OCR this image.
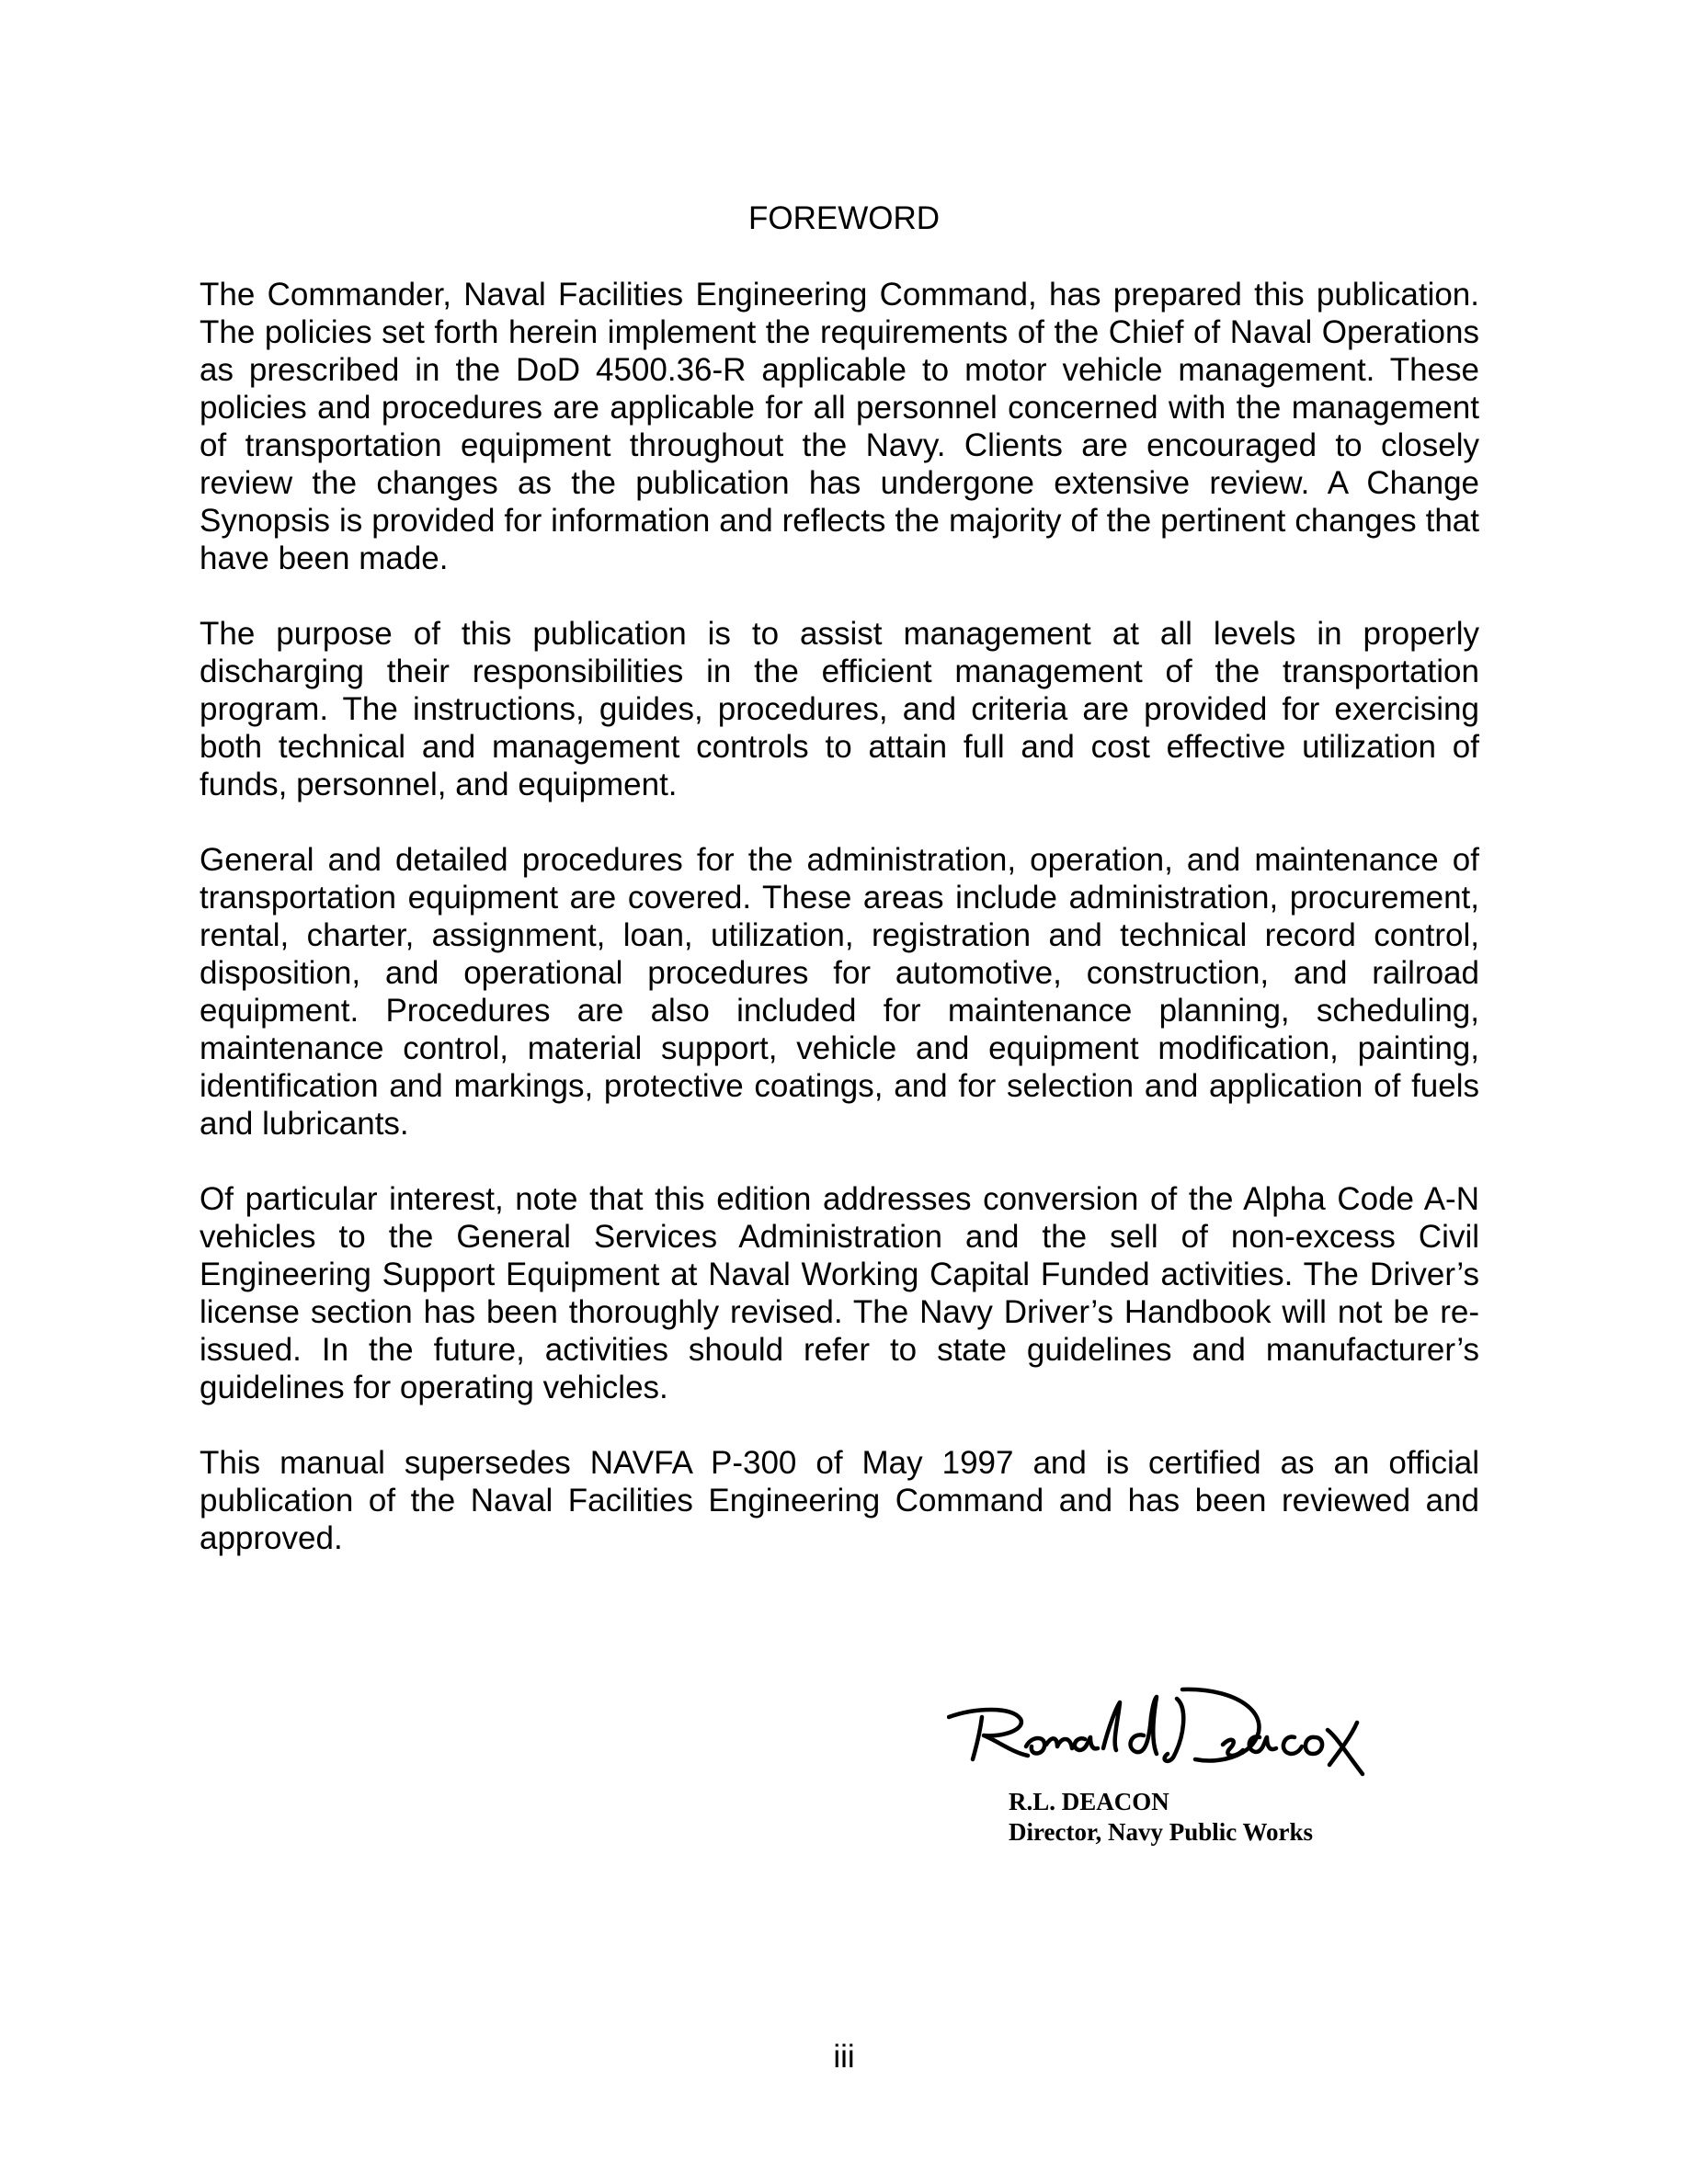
FOREWORD

The Commander, Naval Facilities Engineering Command, has prepared this publication. The policies set forth herein implement the requirements of the Chief of Naval Operations as prescribed in the DoD 4500.36-R applicable to motor vehicle management. These policies and procedures are applicable for all personnel concerned with the management of transportation equipment throughout the Navy. Clients are encouraged to closely review the changes as the publication has undergone extensive review. A Change Synopsis is provided for information and reflects the majority of the pertinent changes that have been made.

The purpose of this publication is to assist management at all levels in properly discharging their responsibilities in the efficient management of the transportation program. The instructions, guides, procedures, and criteria are provided for exercising both technical and management controls to attain full and cost effective utilization of funds, personnel, and equipment.

General and detailed procedures for the administration, operation, and maintenance of transportation equipment are covered. These areas include administration, procurement, rental, charter, assignment, loan, utilization, registration and technical record control, disposition, and operational procedures for automotive, construction, and railroad equipment. Procedures are also included for maintenance planning, scheduling, maintenance control, material support, vehicle and equipment modification, painting, identification and markings, protective coatings, and for selection and application of fuels and lubricants.

Of particular interest, note that this edition addresses conversion of the Alpha Code A-N vehicles to the General Services Administration and the sell of non-excess Civil Engineering Support Equipment at Naval Working Capital Funded activities. The Driver’s license section has been thoroughly revised. The Navy Driver’s Handbook will not be re-issued. In the future, activities should refer to state guidelines and manufacturer’s guidelines for operating vehicles.

This manual supersedes NAVFA P-300 of May 1997 and is certified as an official publication of the Naval Facilities Engineering Command and has been reviewed and approved.

R.L. DEACON
Director, Navy Public Works
iii
